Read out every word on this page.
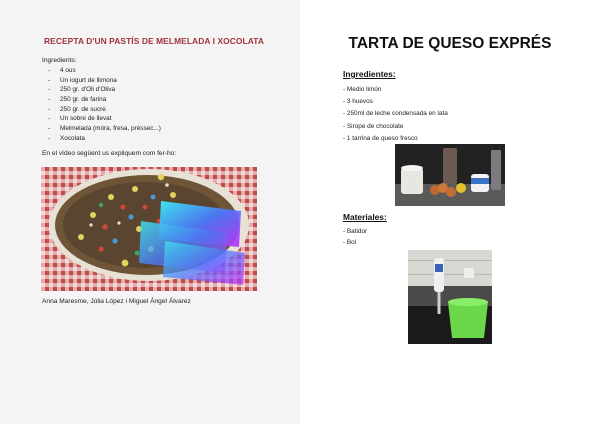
RECEPTA D'UN PASTÍS DE MELMELADA I XOCOLATA
Ingredients:
- 4 ous
- Un iogurt de llimona
- 250 gr. d'Oli d'Oliva
- 250 gr. de farina
- 250 gr. de sucre
- Un sobre de llevat
- Melmelada (móra, fresa, préssec...)
- Xocolata
En el vídeo següent us expliquem com fer-ho:
Anna Maresme, Júlia López i Miguel Ángel Álvarez
TARTA DE QUESO EXPRÉS
Ingredientes:
- Medio limón
- 3 huevos
- 250ml de leche condensada en lata
- Sirope de chocolate
- 1 tarrina de queso fresco
Materiales:
- Batidor
- Bol
